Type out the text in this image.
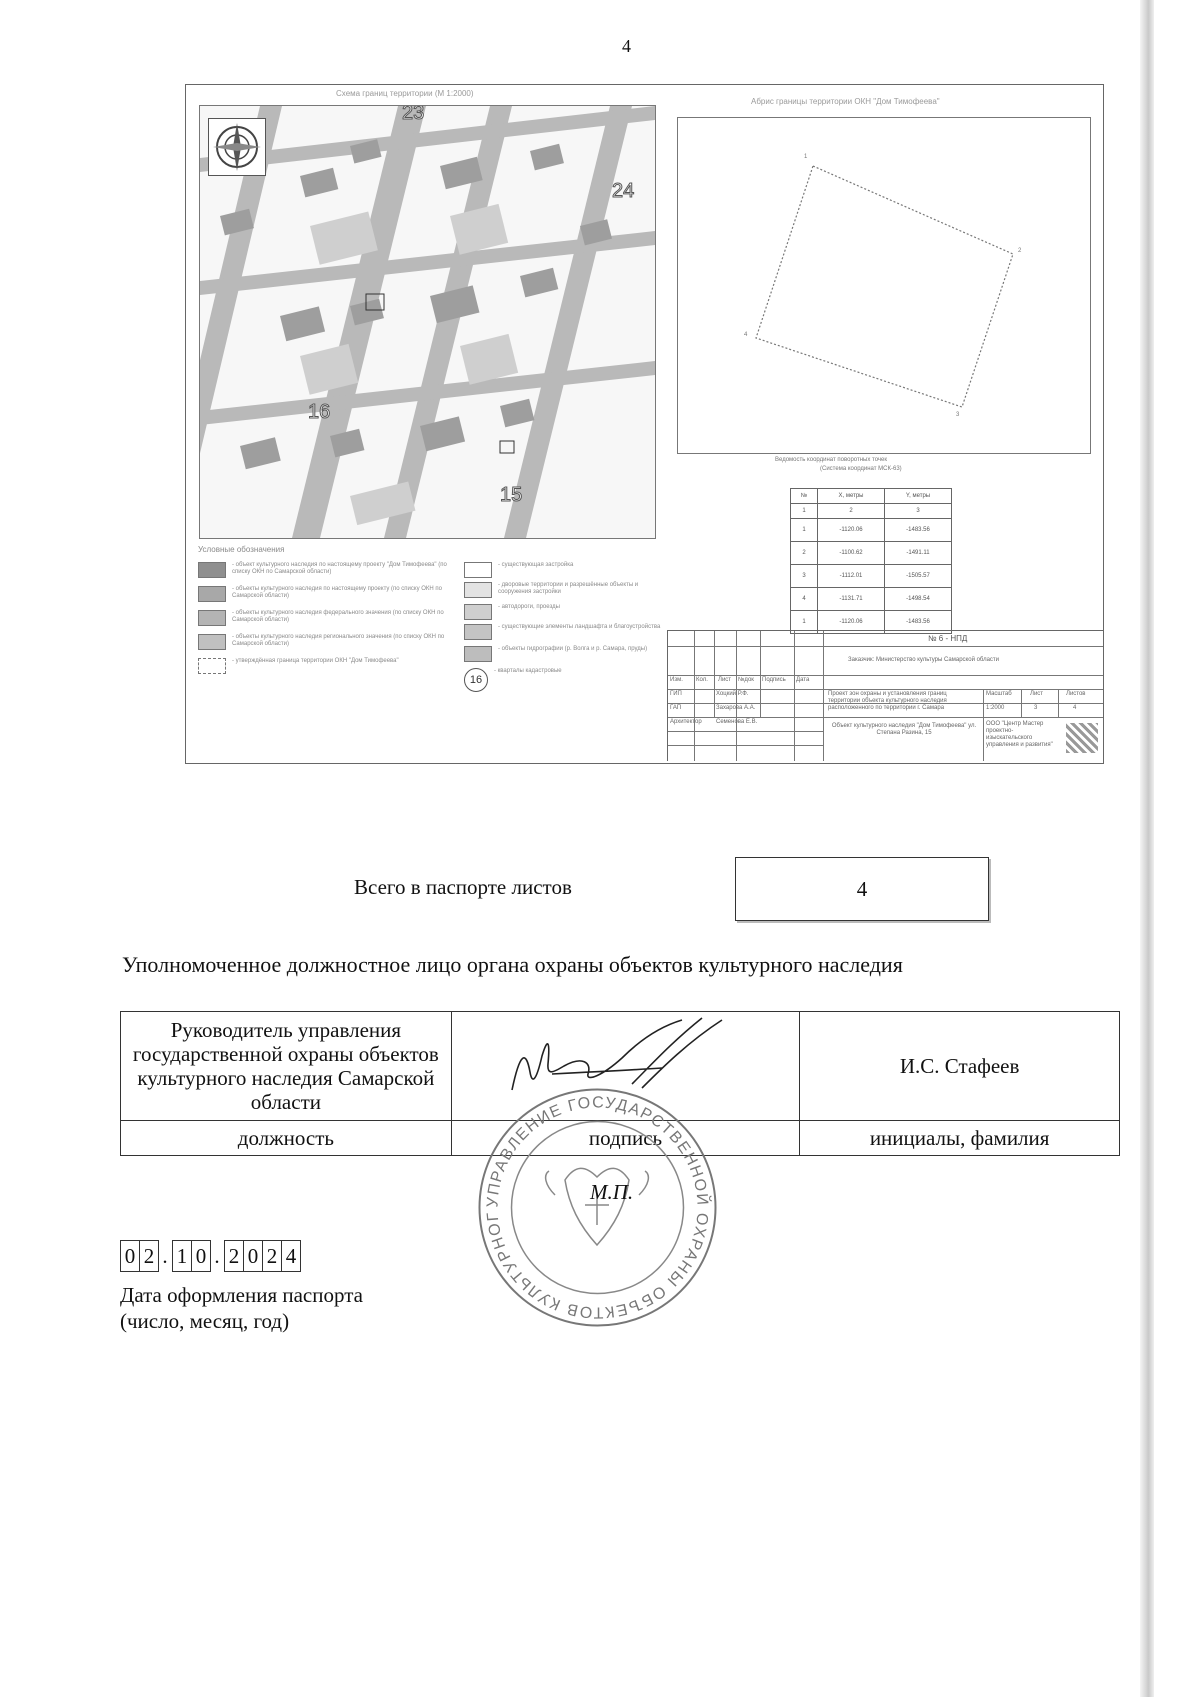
4
Схема границ территории (М 1:2000)
Абрис границы территории ОКН "Дом Тимофеева"
23
24
16
15
1
2
3
4
Ведомость координат поворотных точек
(Система координат МСК-63)
№	X, метры	Y, метры
1	2	3
1	-1120.06	-1483.56
2	-1100.62	-1491.11
3	-1112.01	-1505.57
4	-1131.71	-1498.54
1	-1120.06	-1483.56
Условные обозначения
- объект культурного наследия по настоящему проекту "Дом Тимофеева" (по списку ОКН по Самарской области)
- объекты культурного наследия по настоящему проекту (по списку ОКН по Самарской области)
- объекты культурного наследия федерального значения (по списку ОКН по Самарской области)
- объекты культурного наследия регионального значения (по списку ОКН по Самарской области)
- утверждённая граница территории ОКН "Дом Тимофеева"
- существующая застройка
- дворовые территории и разрешённые объекты и сооружения застройки
- автодороги, проезды
- существующие элементы ландшафта и благоустройства
- объекты гидрографии (р. Волга и р. Самара, пруды)
16
- кварталы кадастровые
№ 6 - НПД
Заказчик: Министерство культуры Самарской области
Проект зон охраны и установления границ территории объекта культурного наследия расположенного по территории г. Самара
Изм. Кол. Лист №док Подпись Дата
ГИП	Хоцкий Р.Ф.
ГАП	Захарова А.А.
Архитектор Семенова Е.В.
Масштаб	Лист	Листов
1:2000	3	4
Объект культурного наследия "Дом Тимофеева" ул. Степана Разина, 15
ООО "Центр Мастер проектно-изыскательского управления и развития"
Всего в паспорте листов	4
Уполномоченное должностное лицо органа охраны объектов культурного наследия
Руководитель управления государственной охраны объектов культурного наследия Самарской области		И.С. Стафеев
должность	подпись	инициалы, фамилия
УПРАВЛЕНИЕ ГОСУДАРСТВЕННОЙ ОХРАНЫ ОБЪЕКТОВ КУЛЬТУРНОГ
М.П.
0 2 . 1 0 . 2 0 2 4
Дата оформления паспорта
(число, месяц, год)
